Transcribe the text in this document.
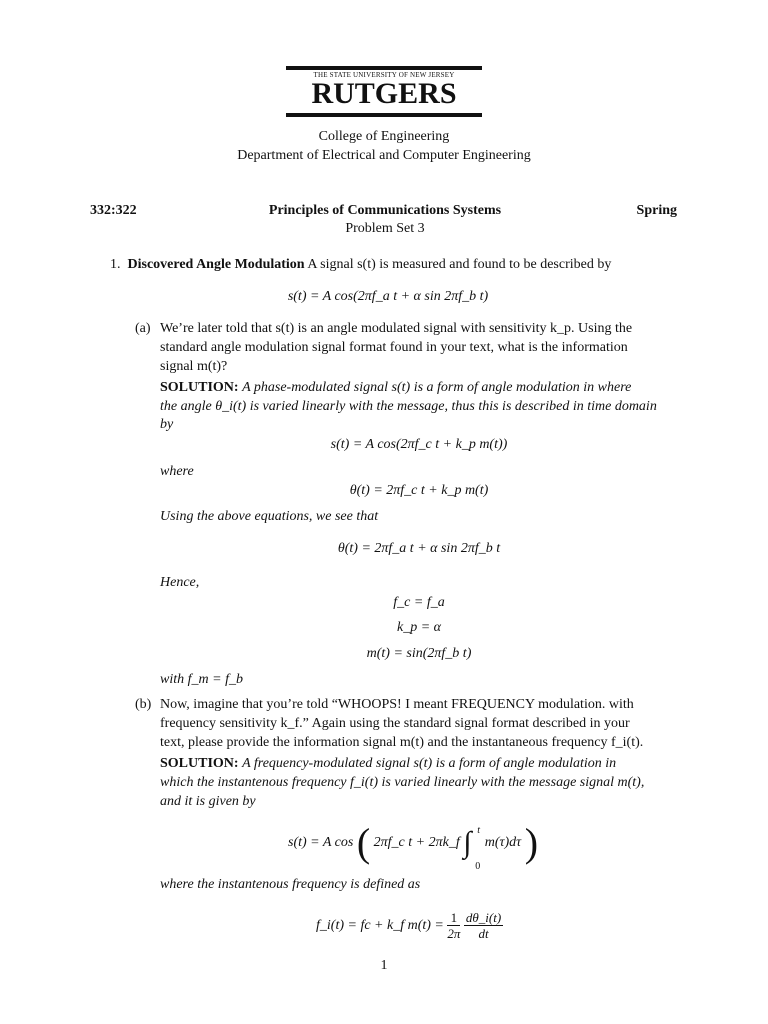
THE STATE UNIVERSITY OF NEW JERSEY
RUTGERS
College of Engineering
Department of Electrical and Computer Engineering
332:322	Principles of Communications Systems	Spring
Problem Set 3
1. Discovered Angle Modulation A signal s(t) is measured and found to be described by
s(t) = A cos(2πf_a t + α sin 2πf_b t)
(a) We’re later told that s(t) is an angle modulated signal with sensitivity k_p. Using the
standard angle modulation signal format found in your text, what is the information
signal m(t)?
SOLUTION: A phase-modulated signal s(t) is a form of angle modulation in where
the angle θ_i(t) is varied linearly with the message, thus this is described in time domain
by
s(t) = A cos(2πf_c t + k_p m(t))
where
θ(t) = 2πf_c t + k_p m(t)
Using the above equations, we see that
θ(t) = 2πf_a t + α sin 2πf_b t
Hence,
f_c = f_a
k_p = α
m(t) = sin(2πf_b t)
with f_m = f_b
(b) Now, imagine that you’re told “WHOOPS! I meant FREQUENCY modulation. with
frequency sensitivity k_f.” Again using the standard signal format described in your
text, please provide the information signal m(t) and the instantaneous frequency f_i(t).
SOLUTION: A frequency-modulated signal s(t) is a form of angle modulation in
which the instantenous frequency f_i(t) is varied linearly with the message signal m(t),
and it is given by
s(t) = A cos ( 2πf_c t + 2πk_f ∫ t
0
m(τ)dτ )
where the instantenous frequency is defined as
f_i(t) = fc + k_f $m(t) = \frac{1}{2\pi}$
$\frac{d\theta\_i(t)}{dt}$
1
